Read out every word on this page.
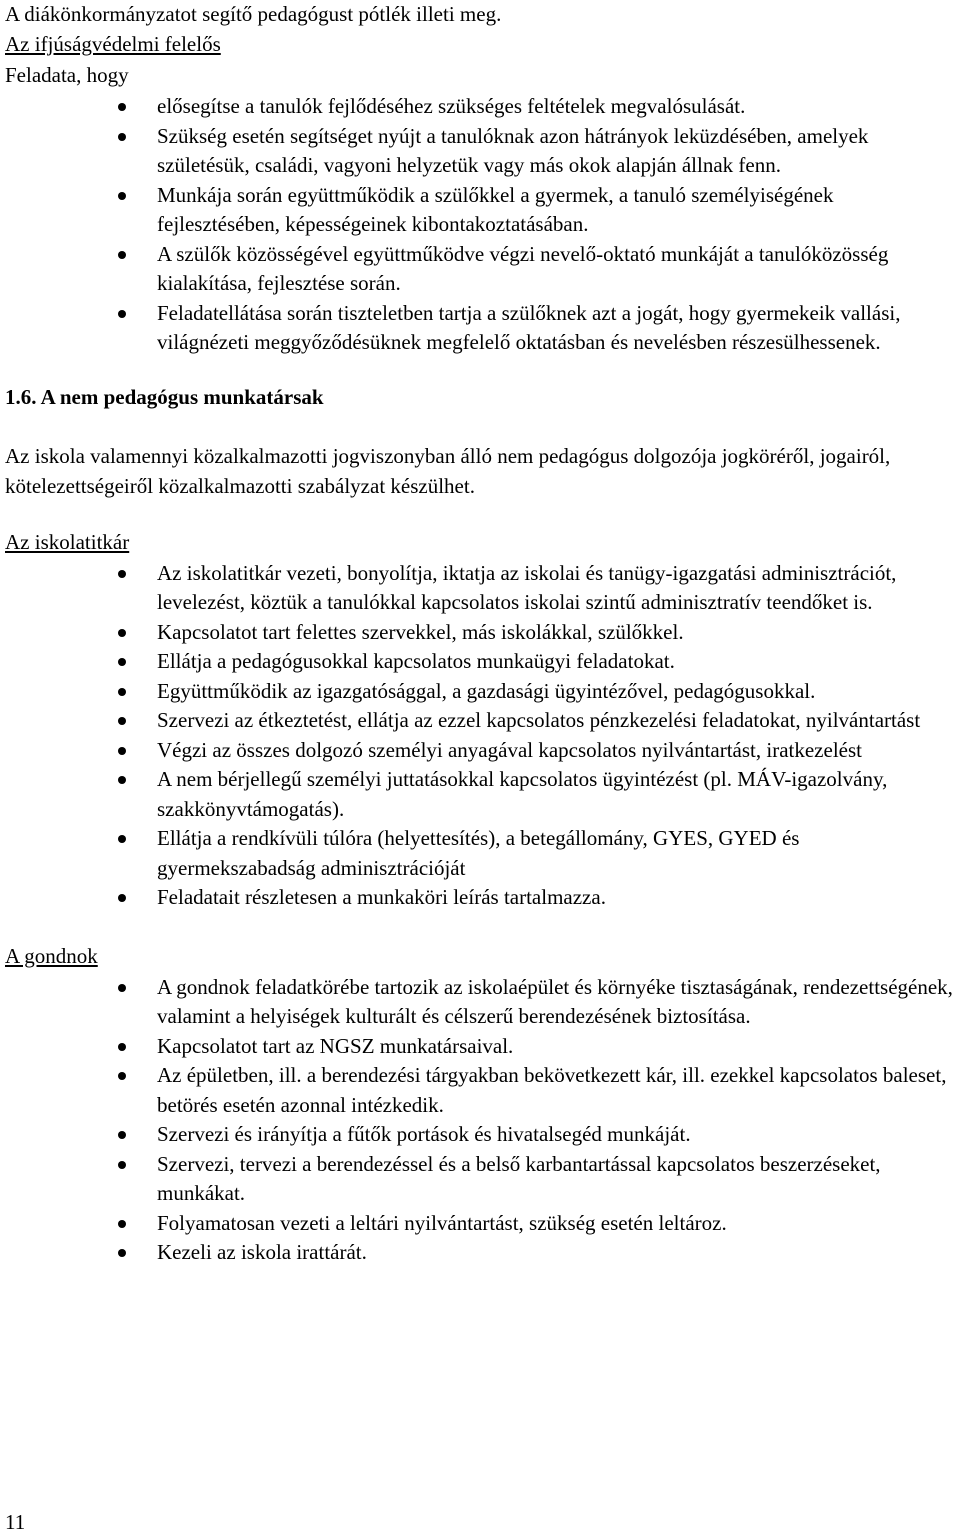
A diákönkormányzatot segítő pedagógust pótlék illeti meg.
Az ifjúságvédelmi felelős
Feladata, hogy
elősegítse a tanulók fejlődéséhez szükséges feltételek megvalósulását.
Szükség esetén segítséget nyújt a tanulóknak azon hátrányok leküzdésében, amelyek születésük, családi, vagyoni helyzetük vagy más okok alapján állnak fenn.
Munkája során együttműködik a szülőkkel a gyermek, a tanuló személyiségének fejlesztésében, képességeinek kibontakoztatásában.
A szülők közösségével együttműködve végzi nevelő-oktató munkáját a tanulóközösség kialakítása, fejlesztése során.
Feladatellátása során tiszteletben tartja a szülőknek azt a jogát, hogy gyermekeik vallási, világnézeti meggyőződésüknek megfelelő oktatásban és nevelésben részesülhessenek.
1.6. A nem pedagógus munkatársak
Az iskola valamennyi közalkalmazotti jogviszonyban álló nem pedagógus dolgozója jogköréről, jogairól, kötelezettségeiről közalkalmazotti szabályzat készülhet.
Az iskolatitkár
Az iskolatitkár vezeti, bonyolítja, iktatja az iskolai és tanügy-igazgatási adminisztrációt, levelezést, köztük a tanulókkal kapcsolatos iskolai szintű adminisztratív teendőket is.
Kapcsolatot tart felettes szervekkel, más iskolákkal, szülőkkel.
Ellátja a pedagógusokkal kapcsolatos munkaügyi feladatokat.
Együttműködik az igazgatósággal, a gazdasági ügyintézővel, pedagógusokkal.
Szervezi az étkeztetést, ellátja az ezzel kapcsolatos pénzkezelési feladatokat, nyilvántartást
Végzi az összes dolgozó személyi anyagával kapcsolatos nyilvántartást, iratkezelést
A nem bérjellegű személyi juttatásokkal kapcsolatos ügyintézést (pl. MÁV-igazolvány, szakkönyvtámogatás).
Ellátja a rendkívüli túlóra (helyettesítés), a betegállomány, GYES, GYED és gyermekszabadság adminisztrációját
Feladatait részletesen a munkaköri leírás tartalmazza.
A gondnok
A gondnok feladatkörébe tartozik az iskolaépület és környéke tisztaságának, rendezettségének, valamint a helyiségek kulturált és célszerű berendezésének biztosítása.
Kapcsolatot tart az NGSZ munkatársaival.
Az épületben, ill. a berendezési tárgyakban bekövetkezett kár, ill. ezekkel kapcsolatos baleset, betörés esetén azonnal intézkedik.
Szervezi és irányítja a fűtők portások és hivatalsegéd munkáját.
Szervezi, tervezi a berendezéssel és a belső karbantartással kapcsolatos beszerzéseket, munkákat.
Folyamatosan vezeti a leltári nyilvántartást, szükség esetén leltároz.
Kezeli az iskola irattárát.
11
